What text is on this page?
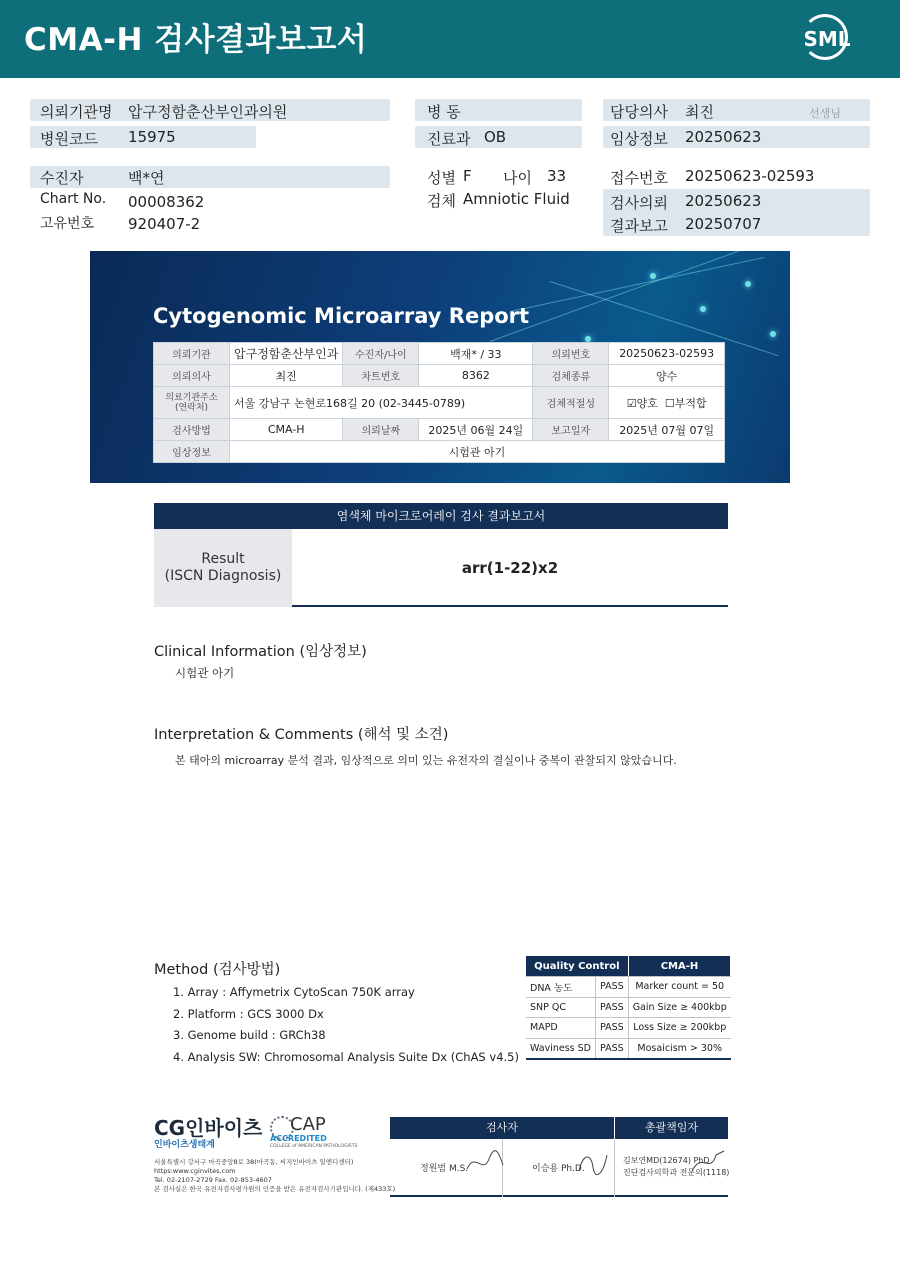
CMA-H 검사결과보고서	SML
의뢰기관명 압구정함춘산부인과의원
병원코드 15975
수진자	백*연
Chart No. 00008362
고유번호 920407-2
병 동
진료과 OB
성별 F 나이 33
검체 Amniotic Fluid
담당의사 최진	선생님
임상정보 20250623
접수번호 20250623-02593
검사의뢰 20250623
결과보고 20250707
Cytogenomic Microarray Report
의뢰기관	압구정함춘산부인과	수진자/나이	백재* / 33	의뢰번호	20250623-02593
의뢰의사	최진	차트번호	8362	검체종류	양수
의료기관주소
(연락처)	서울 강남구 논현로168길 20 (02-3445-0789)			검체적절성	☑양호 ☐부적합
검사방법	CMA-H	의뢰날짜	2025년 06월 24일	보고일자	2025년 07월 07일
임상정보	시험관 아기				
염색체 마이크로어레이 검사 결과보고서
Result
(ISCN Diagnosis)	arr(1-22)x2
Clinical Information (임상정보)
시험관 아기
Interpretation & Comments (해석 및 소견)
본 태아의 microarray 분석 결과, 임상적으로 의미 있는 유전자의 결실이나 중복이 관찰되지 않았습니다.
Method (검사방법)
1. Array : Affymetrix CytoScan 750K array
2. Platform : GCS 3000 Dx
3. Genome build : GRCh38
4. Analysis SW: Chromosomal Analysis Suite Dx (ChAS v4.5)
Quality Control		CMA-H
DNA 농도	PASS	Marker count = 50
SNP QC	PASS	Gain Size ≥ 400kbp
MAPD	PASS	Loss Size ≥ 200kbp
Waviness SD	PASS	Mosaicism > 30%
CG인바이츠
인바이츠생태계
CAP
ACCREDITED
COLLEGE of AMERICAN PATHOLOGISTS
서울특별시 강서구 마곡중앙8로 38(마곡동, 씨지인바이츠 일엔디센터)
https:www.cginvites.com
Tel. 02-2107-2729 Fax. 02-853-4607
본 검사실은 한국 유전자검사평가원의 인증을 받은 유전자검사기관입니다. (제433호)
검사자	총괄책임자
정원범 M.S.	이승용 Ph.D.
김보연MD(12674) PhD
진단검사의학과 전문의(1118)
